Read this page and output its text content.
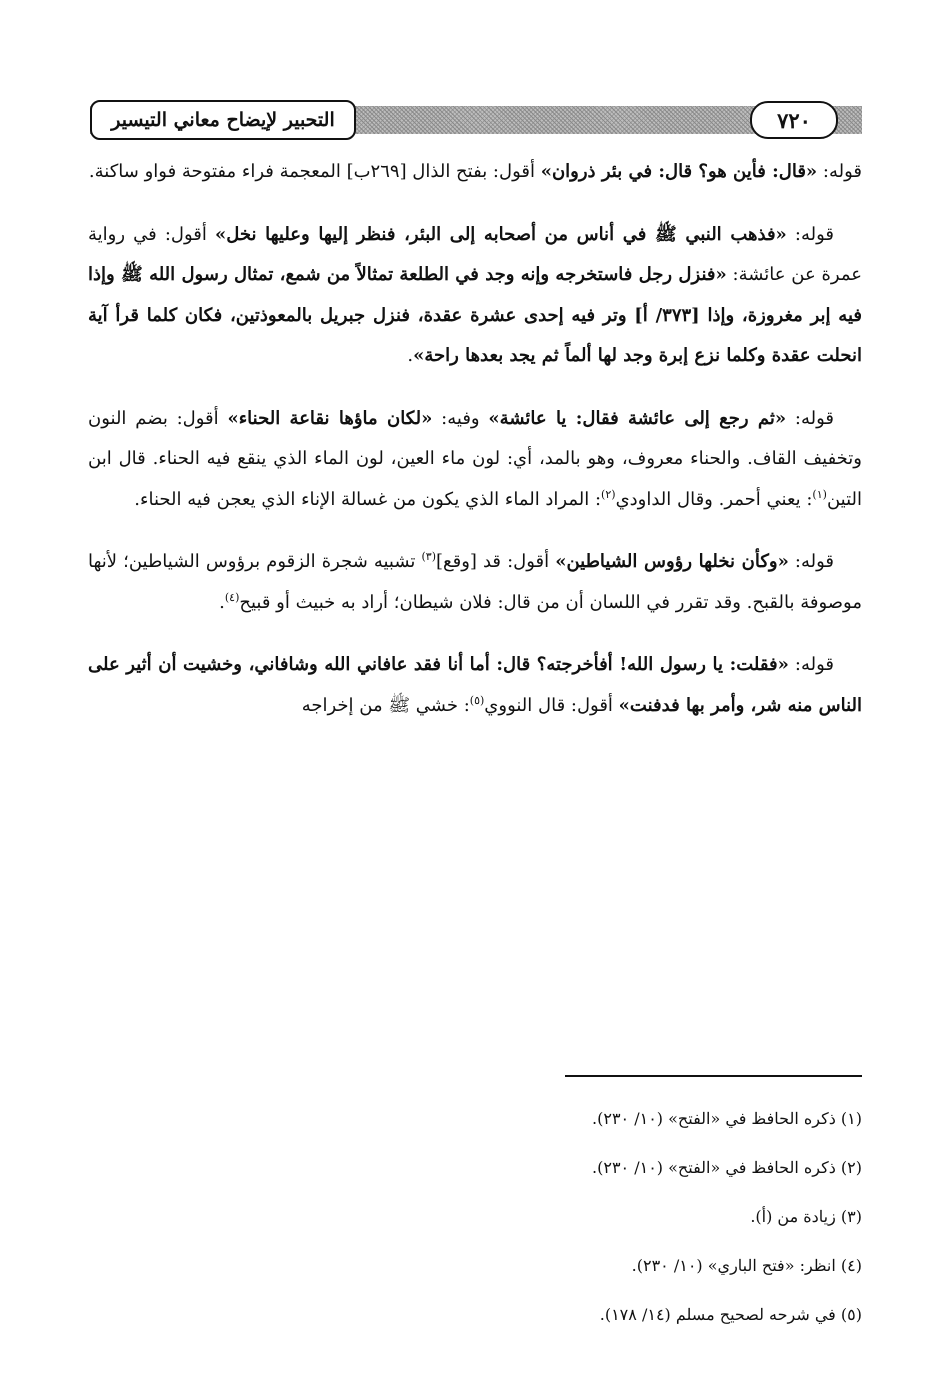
التحبير لإيضاح معاني التيسير	٧٢٠

قوله: «قال: فأين هو؟ قال: في بئر ذروان» أقول: بفتح الذال [٢٦٩ب] المعجمة فراء مفتوحة فواو ساكنة.

قوله: «فذهب النبي ﷺ في أناس من أصحابه إلى البئر، فنظر إليها وعليها نخل» أقول: في رواية عمرة عن عائشة: «فنزل رجل فاستخرجه وإنه وجد في الطلعة تمثالاً من شمع، تمثال رسول الله ﷺ وإذا فيه إبر مغروزة، وإذا [٣٧٣/ أ] وتر فيه إحدى عشرة عقدة، فنزل جبريل بالمعوذتين، فكان كلما قرأ آية انحلت عقدة وكلما نزع إبرة وجد لها ألماً ثم يجد بعدها راحة».

قوله: «ثم رجع إلى عائشة فقال: يا عائشة» وفيه: «لكان ماؤها نقاعة الحناء» أقول: بضم النون وتخفيف القاف. والحناء معروف، وهو بالمد، أي: لون ماء العين، لون الماء الذي ينقع فيه الحناء. قال ابن التين$^{(١)}$: يعني أحمر. وقال الداودي$^{(٢)}$: المراد الماء الذي يكون من غسالة الإناء الذي يعجن فيه الحناء.

قوله: «وكأن نخلها رؤوس الشياطين» أقول: قد [وقع]$^{(٣)}$ تشبيه شجرة الزقوم برؤوس الشياطين؛ لأنها موصوفة بالقبح. وقد تقرر في اللسان أن من قال: فلان شيطان؛ أراد به خبيث أو قبيح$^{(٤)}$.

قوله: «فقلت: يا رسول الله! أفأخرجته؟ قال: أما أنا فقد عافاني الله وشافاني، وخشيت أن أثير على الناس منه شر، وأمر بها فدفنت» أقول: قال النووي$^{(٥)}$: خشي ﷺ من إخراجه

(١) ذكره الحافظ في «الفتح» (١٠/ ٢٣٠).
(٢) ذكره الحافظ في «الفتح» (١٠/ ٢٣٠).
(٣) زيادة من (أ).
(٤) انظر: «فتح الباري» (١٠/ ٢٣٠).
(٥) في شرحه لصحيح مسلم (١٤/ ١٧٨).
